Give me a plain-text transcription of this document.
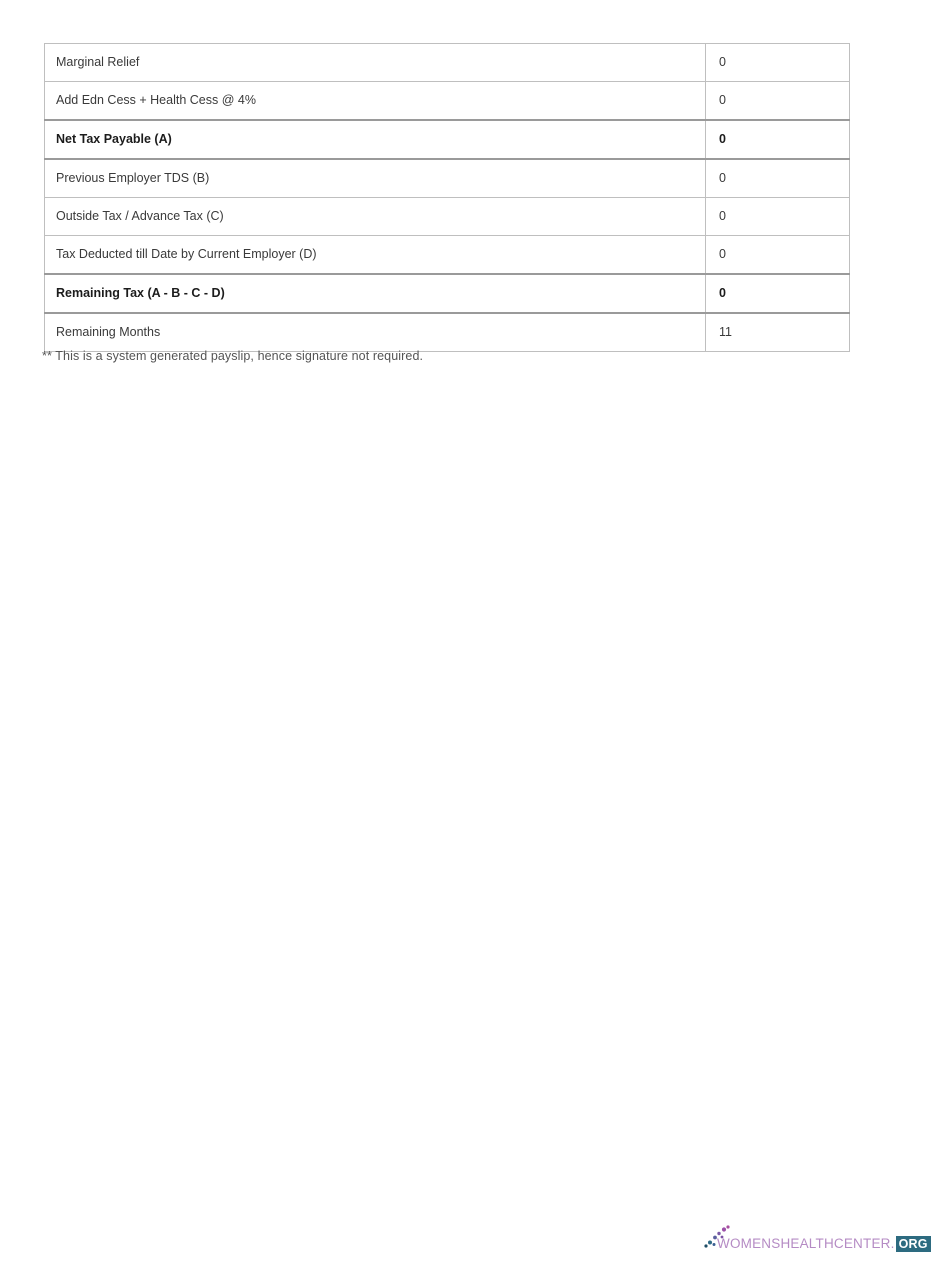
Marginal Relief	0
Add Edn Cess + Health Cess @ 4%	0
Net Tax Payable (A)	0
Previous Employer TDS (B)	0
Outside Tax / Advance Tax (C)	0
Tax Deducted till Date by Current Employer (D)	0
Remaining Tax (A - B - C - D)	0
Remaining Months	11
** This is a system generated payslip, hence signature not required.
WOMENSHEALTHCENTER. ORG
